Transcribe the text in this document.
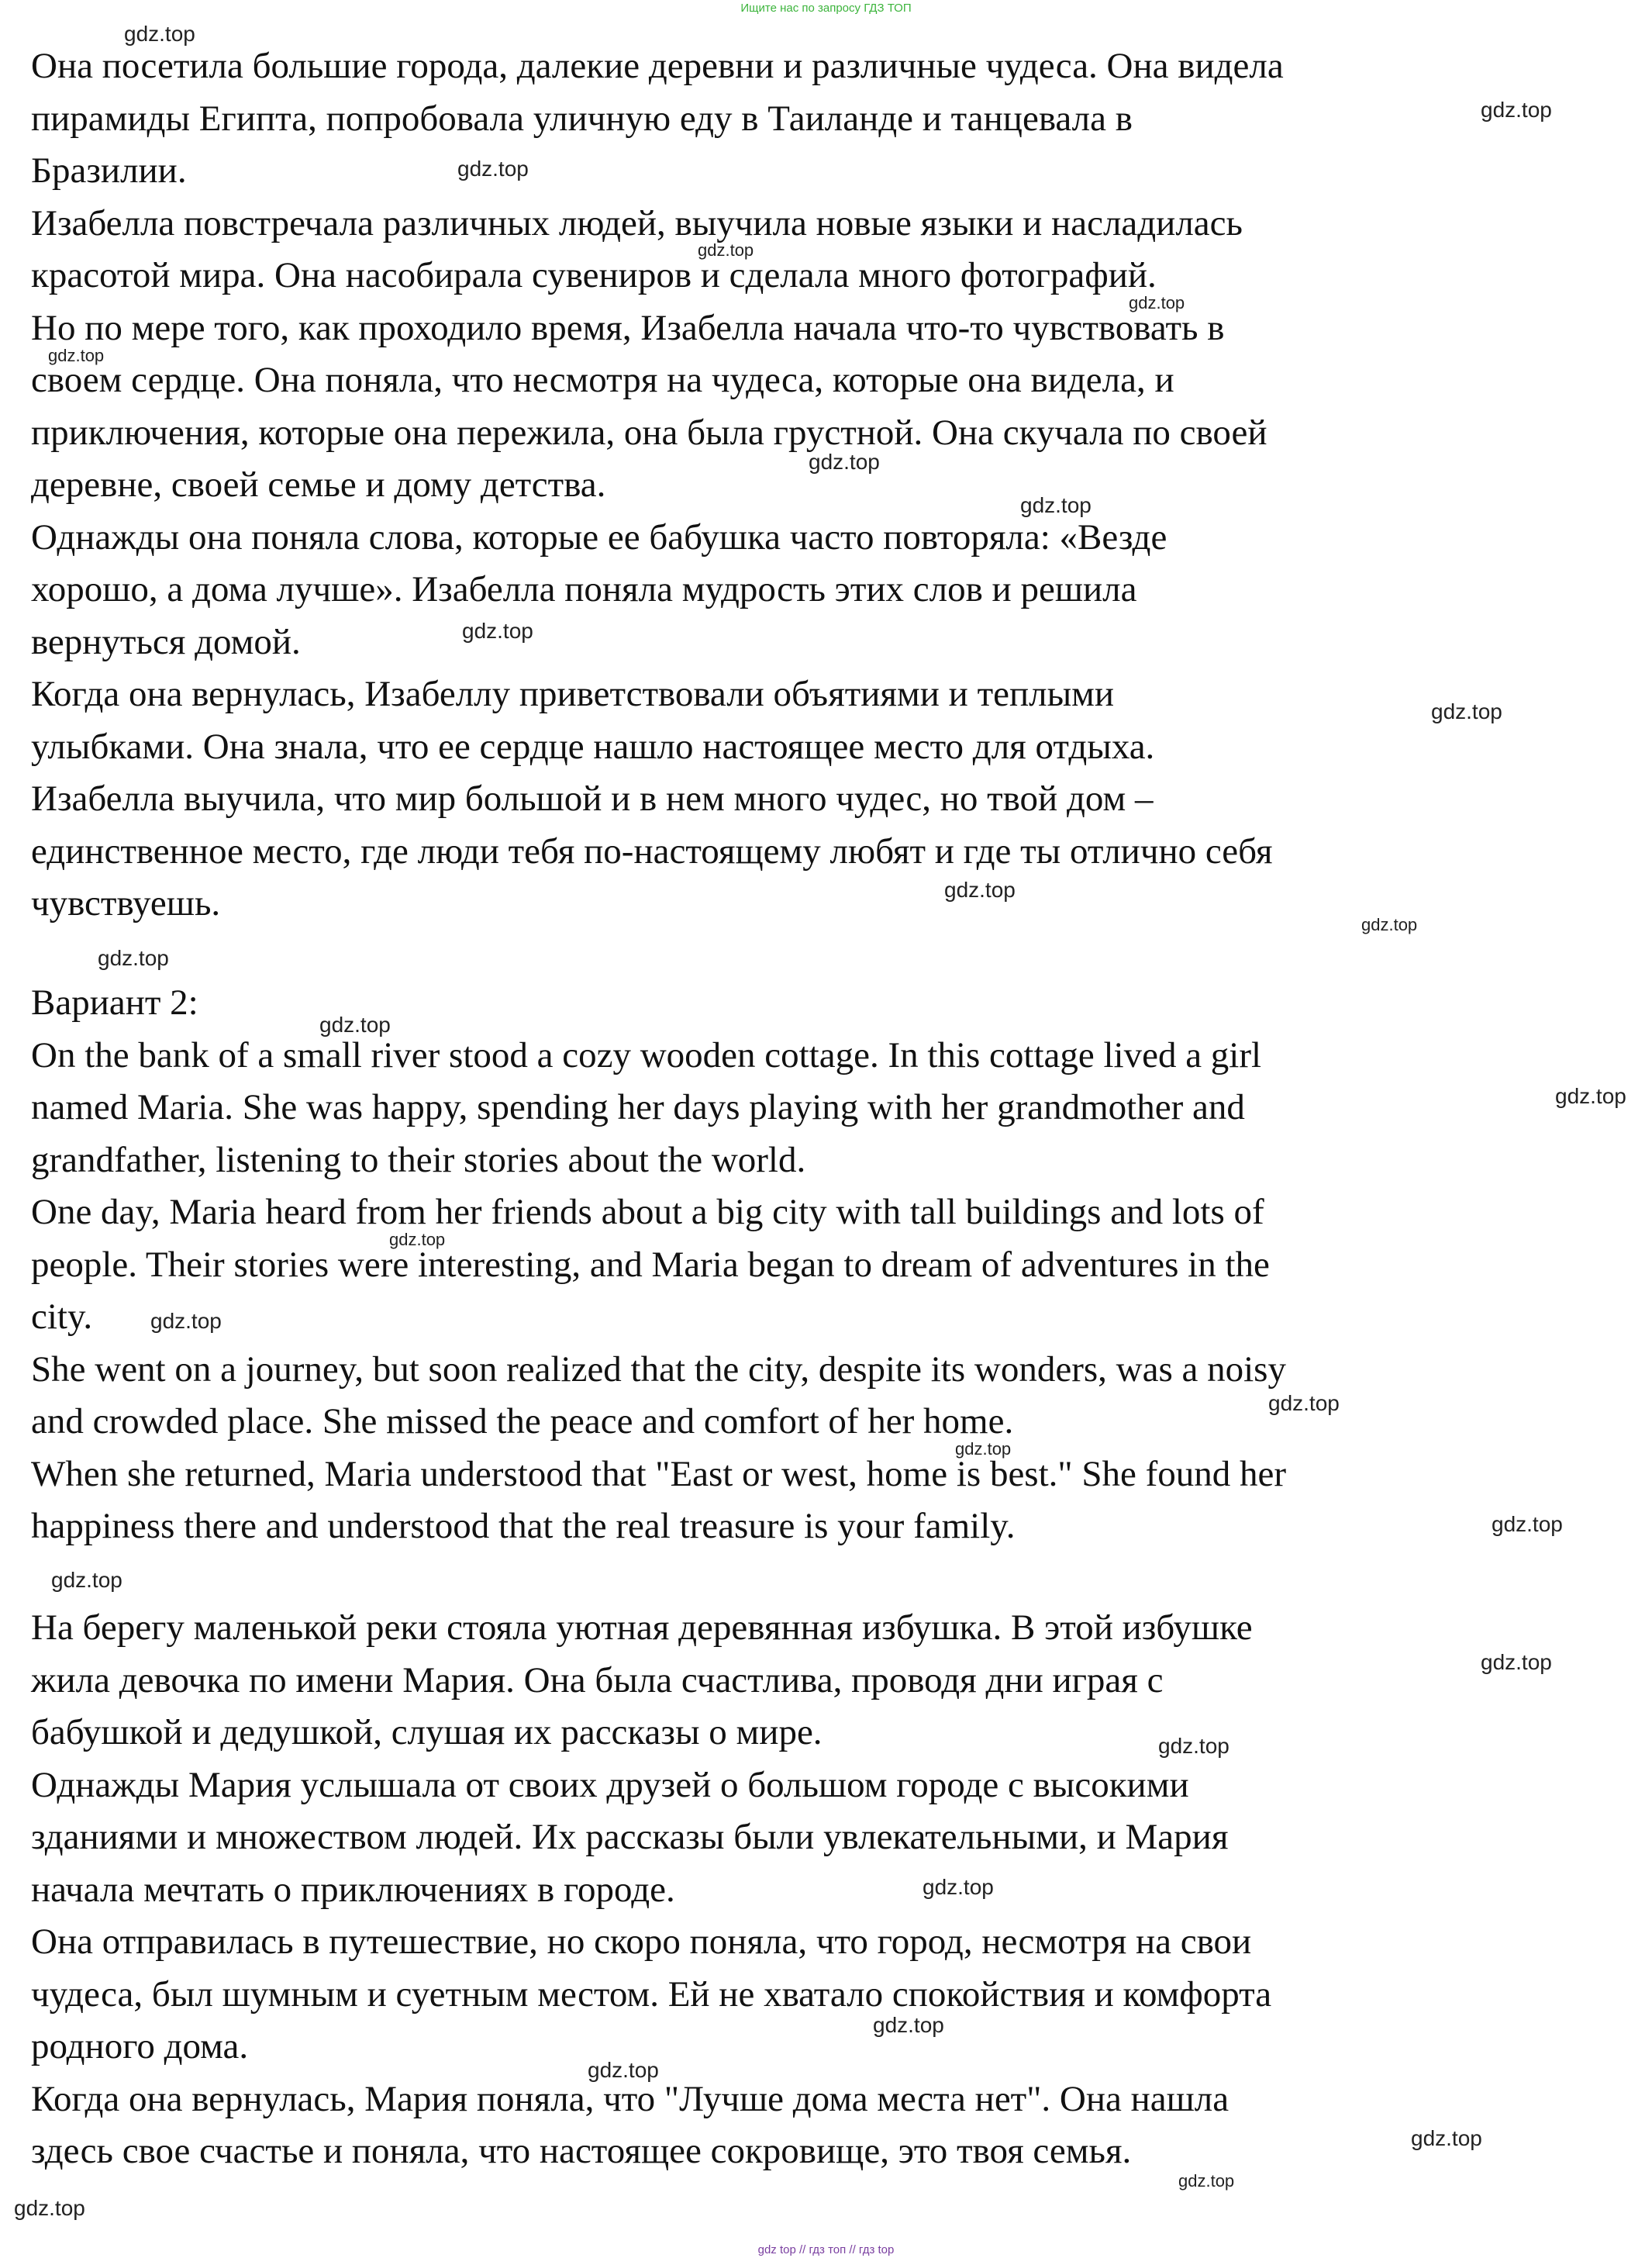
Ищите нас по запросу ГДЗ ТОП
Она посетила большие города, далекие деревни и различные чудеса. Она видела
пирамиды Египта, попробовала уличную еду в Таиланде и танцевала в
Бразилии.
Изабелла повстречала различных людей, выучила новые языки и насладилась
красотой мира. Она насобирала сувениров и сделала много фотографий.
Но по мере того, как проходило время, Изабелла начала что-то чувствовать в
своем сердце. Она поняла, что несмотря на чудеса, которые она видела, и
приключения, которые она пережила, она была грустной. Она скучала по своей
деревне, своей семье и дому детства.
Однажды она поняла слова, которые ее бабушка часто повторяла: «Везде
хорошо, а дома лучше». Изабелла поняла мудрость этих слов и решила
вернуться домой.
Когда она вернулась, Изабеллу приветствовали объятиями и теплыми
улыбками. Она знала, что ее сердце нашло настоящее место для отдыха.
Изабелла выучила, что мир большой и в нем много чудес, но твой дом –
единственное место, где люди тебя по-настоящему любят и где ты отлично себя
чувствуешь.
Вариант 2:
On the bank of a small river stood a cozy wooden cottage. In this cottage lived a girl
named Maria. She was happy, spending her days playing with her grandmother and
grandfather, listening to their stories about the world.
One day, Maria heard from her friends about a big city with tall buildings and lots of
people. Their stories were interesting, and Maria began to dream of adventures in the
city.
She went on a journey, but soon realized that the city, despite its wonders, was a noisy
and crowded place. She missed the peace and comfort of her home.
When she returned, Maria understood that "East or west, home is best." She found her
happiness there and understood that the real treasure is your family.
На берегу маленькой реки стояла уютная деревянная избушка. В этой избушке
жила девочка по имени Мария. Она была счастлива, проводя дни играя с
бабушкой и дедушкой, слушая их рассказы о мире.
Однажды Мария услышала от своих друзей о большом городе с высокими
зданиями и множеством людей. Их рассказы были увлекательными, и Мария
начала мечтать о приключениях в городе.
Она отправилась в путешествие, но скоро поняла, что город, несмотря на свои
чудеса, был шумным и суетным местом. Ей не хватало спокойствия и комфорта
родного дома.
Когда она вернулась, Мария поняла, что "Лучше дома места нет". Она нашла
здесь свое счастье и поняла, что настоящее сокровище, это твоя семья.
gdz.top
gdz.top
gdz.top
gdz.top
gdz.top
gdz.top
gdz.top
gdz.top
gdz.top
gdz.top
gdz.top
gdz.top
gdz.top
gdz.top
gdz.top
gdz.top
gdz.top
gdz.top
gdz.top
gdz.top
gdz.top
gdz.top
gdz.top
gdz.top
gdz.top
gdz.top
gdz.top
gdz.top
gdz.top
gdz top // гдз топ // гдз top
